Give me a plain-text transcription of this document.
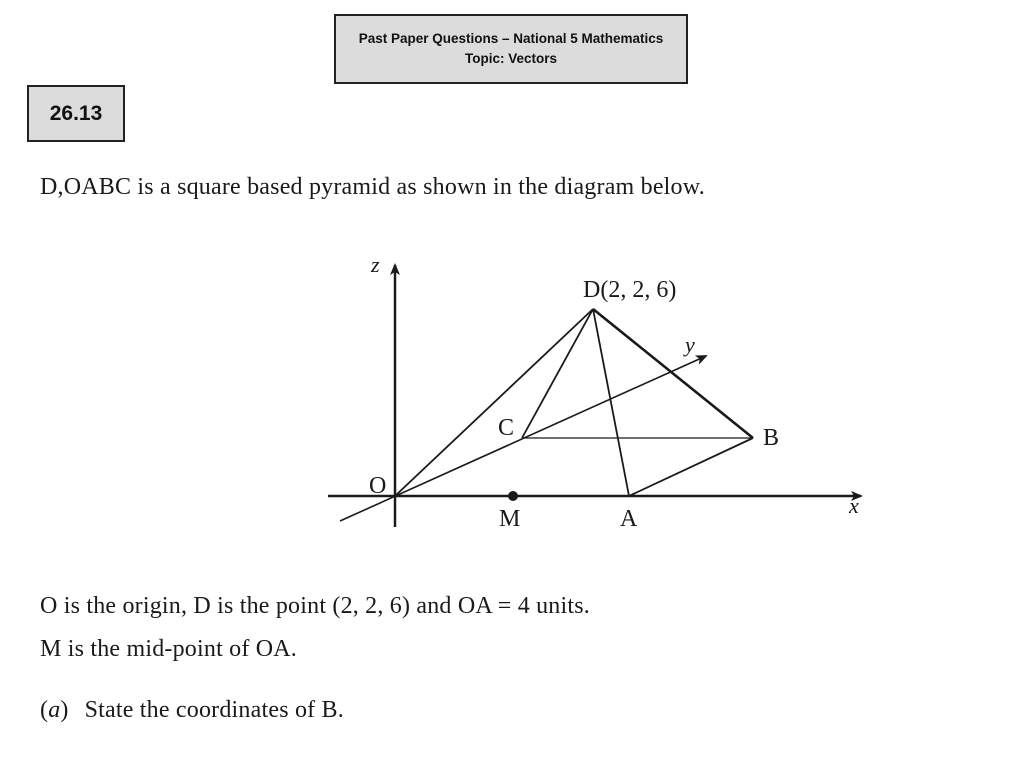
Past Paper Questions – National 5 Mathematics
Topic: Vectors
26.13
D,OABC is a square based pyramid as shown in the diagram below.
z
y
x
D(2, 2, 6)
C	B
O
M	A
O is the origin, D is the point (2, 2, 6) and OA = 4 units.
M is the mid-point of OA.
(a) State the coordinates of B.
